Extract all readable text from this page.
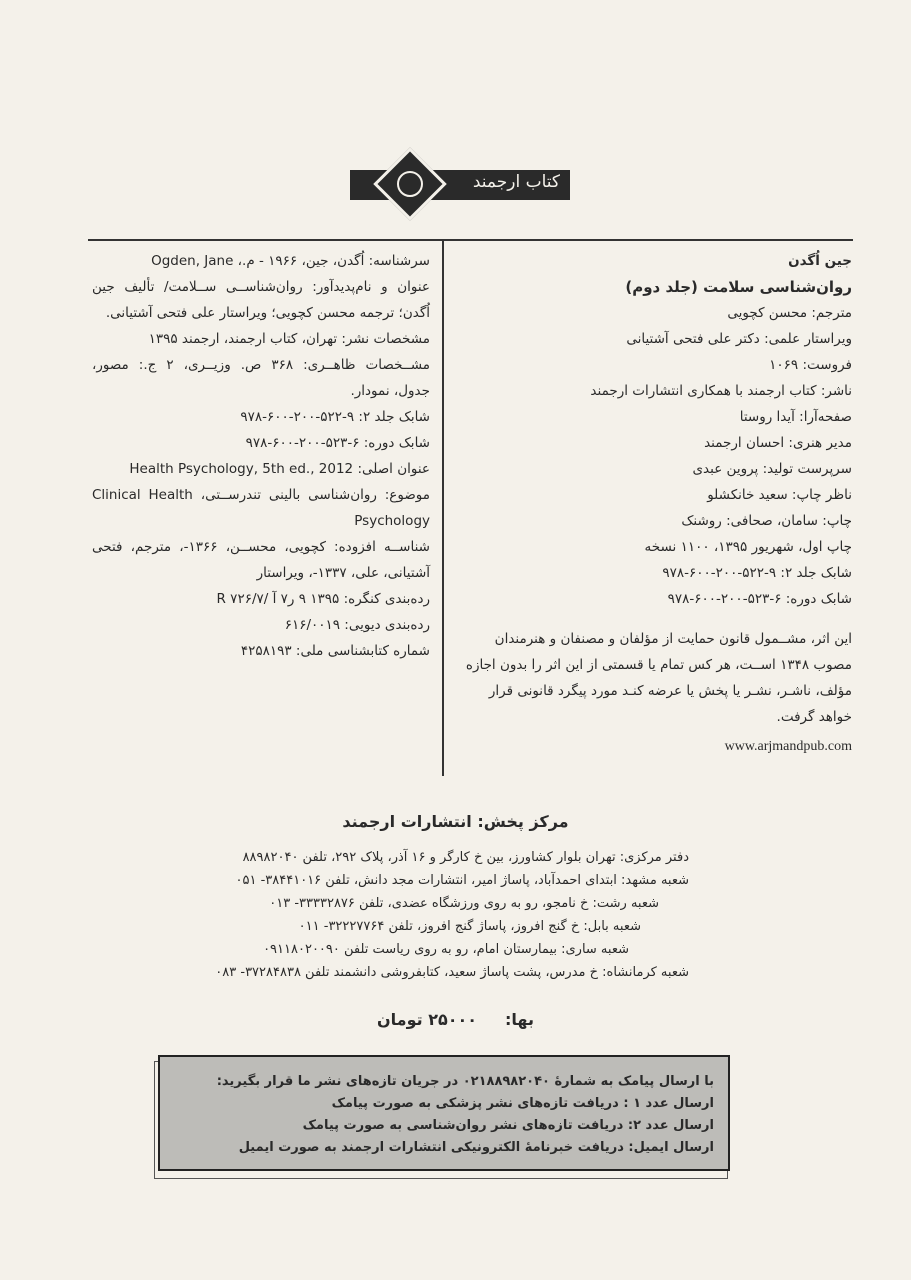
کتاب ارجمند

جین اُگدن

روان‌شناسی سلامت (جلد دوم)

مترجم: محسن کچویی

ویراستار علمی: دکتر علی فتحی آشتیانی

فروست: ۱۰۶۹

ناشر: کتاب ارجمند با همکاری انتشارات ارجمند

صفحه‌آرا: آیدا روستا

مدیر هنری: احسان ارجمند

سرپرست تولید: پروین عبدی

ناظر چاپ: سعید خانکشلو

چاپ: سامان، صحافی: روشنک

چاپ اول، شهریور ۱۳۹۵، ۱۱۰۰ نسخه

شابک جلد ۲: ۹-۵۲۲-۲۰۰-۶۰۰-۹۷۸

شابک دوره: ۶-۵۲۳-۲۰۰-۶۰۰-۹۷۸

این اثر، مشــمول قانون حمایت از مؤلفان و مصنفان و هنرمندان مصوب ۱۳۴۸ اســت، هر کس تمام یا قسمتی از این اثر را بدون اجازه مؤلف، ناشـر، نشـر یا پخش یا عرضه کنـد مورد پیگرد قانونی قرار خواهد گرفت.

www.arjmandpub.com

سرشناسه: اُگدن، جین، ۱۹۶۶ - م.، Ogden, Jane

عنوان و نام‌پدیدآور: روان‌شناســی ســلامت/ تألیف جین اُگدن؛ ترجمه محسن کچویی؛ ویراستار علی فتحی آشتیانی.

مشخصات نشر: تهران، کتاب ارجمند، ارجمند ۱۳۹۵

مشــخصات ظاهــری: ۳۶۸ ص. وزیــری، ۲ ج.: مصور، جدول، نمودار.

شابک جلد ۲: ۹-۵۲۲-۲۰۰-۶۰۰-۹۷۸

شابک دوره: ۶-۵۲۳-۲۰۰-۶۰۰-۹۷۸

عنوان اصلی: Health Psychology, 5th ed., 2012

موضوع: روان‌شناسی بالینی تندرســتی، Clinical Health Psychology

شناســه افزوده: کچویی، محســن، ۱۳۶۶-، مترجم، فتحی آشتیانی، علی، ۱۳۳۷-، ویراستار

رده‌بندی کنگره: ۱۳۹۵ ۹ ر۷ آ /R ۷۲۶/۷

رده‌بندی دیویی: ۶۱۶/۰۰۱۹

شماره کتابشناسی ملی: ۴۲۵۸۱۹۳

مرکز پخش: انتشارات ارجمند

دفتر مرکزی: تهران بلوار کشاورز، بین خ کارگر و ۱۶ آذر، پلاک ۲۹۲، تلفن ۸۸۹۸۲۰۴۰

شعبه مشهد: ابتدای احمدآباد، پاساژ امیر، انتشارات مجد دانش، تلفن ۳۸۴۴۱۰۱۶- ۰۵۱

شعبه رشت: خ نامجو، رو به روی ورزشگاه عضدی، تلفن ۳۳۳۳۲۸۷۶- ۰۱۳

شعبه بابل: خ گنج افروز، پاساژ گنج افروز، تلفن ۳۲۲۲۷۷۶۴- ۰۱۱

شعبه ساری: بیمارستان امام، رو به روی ریاست تلفن ۰۹۱۱۸۰۲۰۰۹۰

شعبه کرمانشاه: خ مدرس، پشت پاساژ سعید، کتابفروشی دانشمند تلفن ۳۷۲۸۴۸۳۸- ۰۸۳

بها:۲۵۰۰۰ تومان

با ارسال پیامک به شمارهٔ ۰۲۱۸۸۹۸۲۰۴۰ در جریان تازه‌های نشر ما قرار بگیرید:

ارسال عدد ۱ : دریافت تازه‌های نشر پزشکی به صورت پیامک

ارسال عدد ۲: دریافت تازه‌های نشر روان‌شناسی به صورت پیامک

ارسال ایمیل: دریافت خبرنامهٔ الکترونیکی انتشارات ارجمند به صورت ایمیل
